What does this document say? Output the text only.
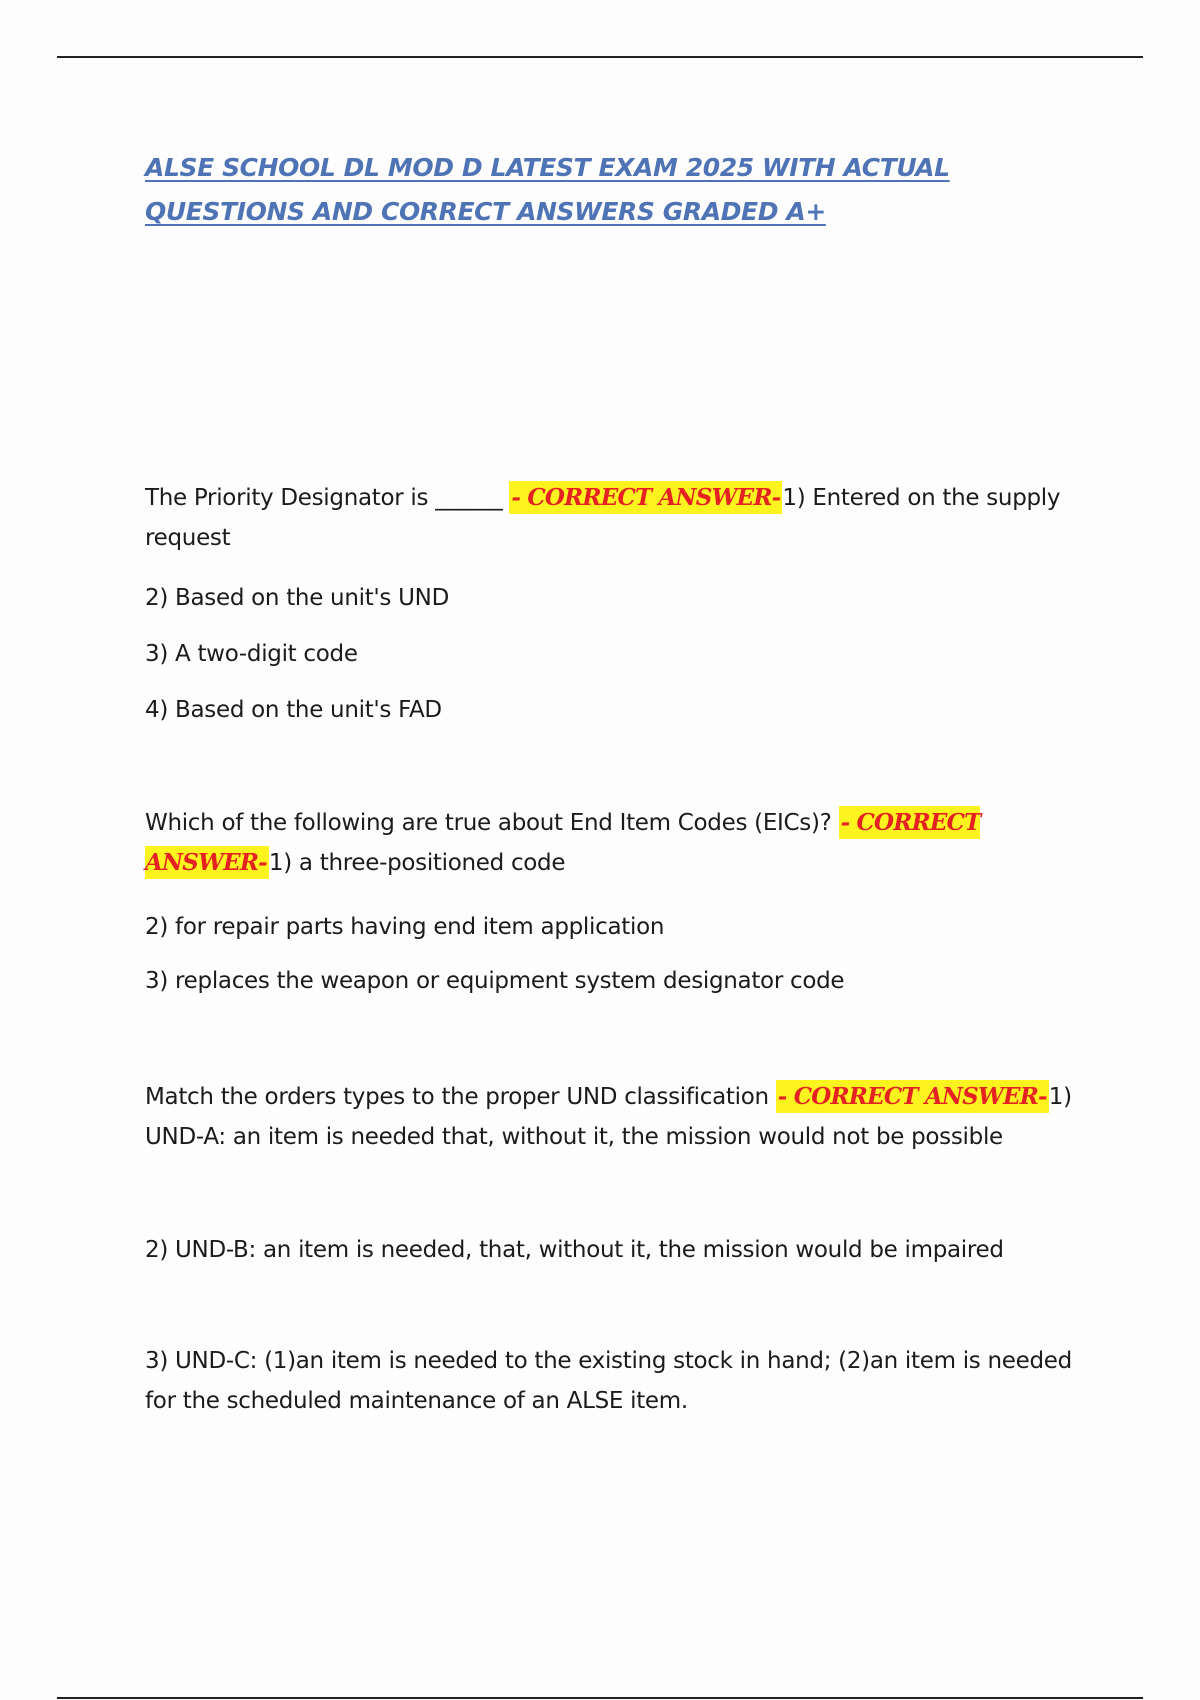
ALSE SCHOOL DL MOD D LATEST EXAM 2025 WITH ACTUAL
QUESTIONS AND CORRECT ANSWERS GRADED A+

The Priority Designator is ______ - CORRECT ANSWER-1) Entered on the supply request

2) Based on the unit's UND

3) A two-digit code

4) Based on the unit's FAD

Which of the following are true about End Item Codes (EICs)? - CORRECT ANSWER-1) a three-positioned code

2) for repair parts having end item application

3) replaces the weapon or equipment system designator code

Match the orders types to the proper UND classification - CORRECT ANSWER-1) UND-A: an item is needed that, without it, the mission would not be possible

2) UND-B: an item is needed, that, without it, the mission would be impaired

3) UND-C: (1)an item is needed to the existing stock in hand; (2)an item is needed for the scheduled maintenance of an ALSE item.
